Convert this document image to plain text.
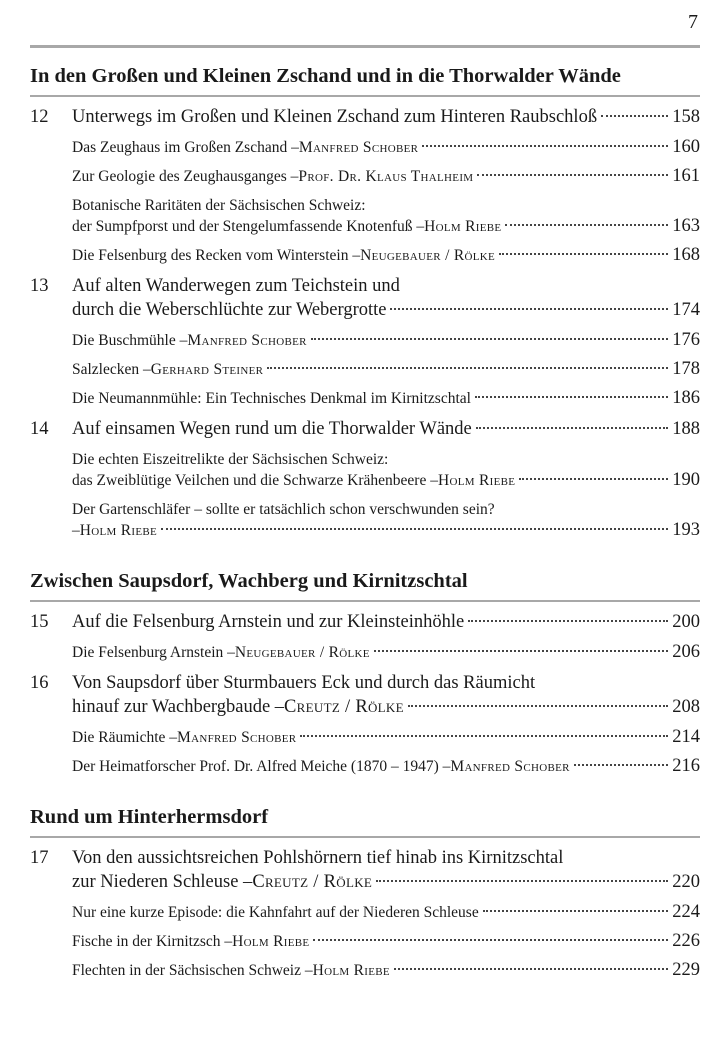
7
In den Großen und Kleinen Zschand und in die Thorwalder Wände
12	Unterwegs im Großen und Kleinen Zschand zum Hinteren Raubschloß	158
Das Zeughaus im Großen Zschand – Manfred Schober	160
Zur Geologie des Zeughausganges – Prof. Dr. Klaus Thalheim	161
Botanische Raritäten der Sächsischen Schweiz:
der Sumpfporst und der Stengelumfassende Knotenfuß – Holm Riebe	163
Die Felsenburg des Recken vom Winterstein – Neugebauer / Rölke	168
13	Auf alten Wanderwegen zum Teichstein und
durch die Weberschlüchte zur Webergrotte	174
Die Buschmühle – Manfred Schober	176
Salzlecken – Gerhard Steiner	178
Die Neumannmühle: Ein Technisches Denkmal im Kirnitzschtal	186
14	Auf einsamen Wegen rund um die Thorwalder Wände	188
Die echten Eiszeitrelikte der Sächsischen Schweiz:
das Zweiblütige Veilchen und die Schwarze Krähenbeere – Holm Riebe	190
Der Gartenschläfer – sollte er tatsächlich schon verschwunden sein?
– Holm Riebe	193
Zwischen Saupsdorf, Wachberg und Kirnitzschtal
15	Auf die Felsenburg Arnstein und zur Kleinsteinhöhle	200
Die Felsenburg Arnstein – Neugebauer / Rölke	206
16	Von Saupsdorf über Sturmbauers Eck und durch das Räumicht
hinauf zur Wachbergbaude – Creutz / Rölke	208
Die Räumichte – Manfred Schober	214
Der Heimatforscher Prof. Dr. Alfred Meiche (1870 – 1947) – Manfred Schober	216
Rund um Hinterhermsdorf
17	Von den aussichtsreichen Pohlshörnern tief hinab ins Kirnitzschtal
zur Niederen Schleuse – Creutz / Rölke	220
Nur eine kurze Episode: die Kahnfahrt auf der Niederen Schleuse	224
Fische in der Kirnitzsch – Holm Riebe	226
Flechten in der Sächsischen Schweiz – Holm Riebe	229
